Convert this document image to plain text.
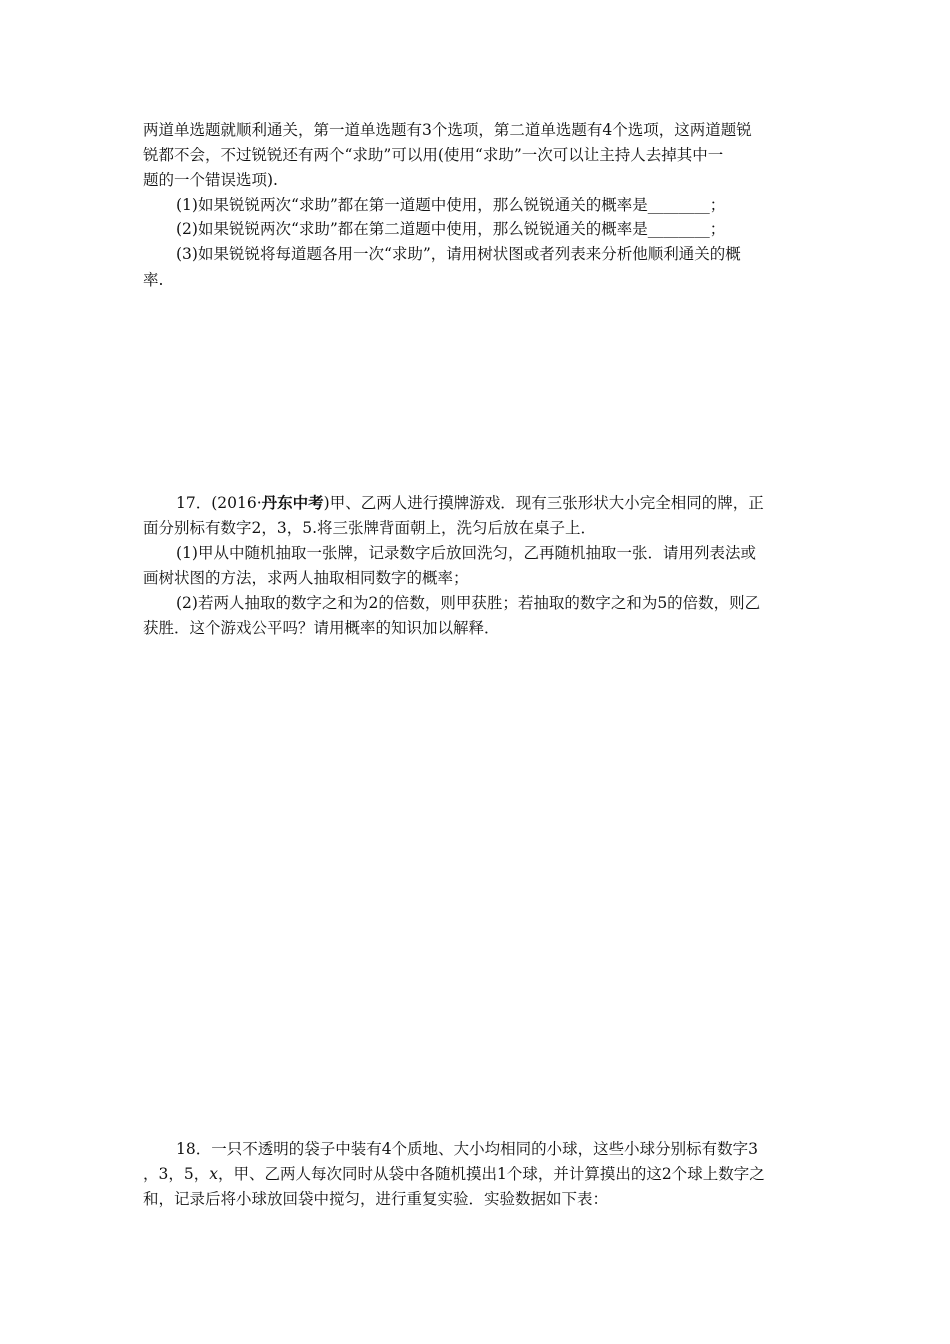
两道单选题就顺利通关，第一道单选题有3个选项，第二道单选题有4个选项，这两道题锐
锐都不会，不过锐锐还有两个“求助”可以用(使用“求助”一次可以让主持人去掉其中一
题的一个错误选项).
(1)如果锐锐两次“求助”都在第一道题中使用，那么锐锐通关的概率是________；
(2)如果锐锐两次“求助”都在第二道题中使用，那么锐锐通关的概率是________；
(3)如果锐锐将每道题各用一次“求助”，请用树状图或者列表来分析他顺利通关的概
率.
17．(2016·丹东中考)甲、乙两人进行摸牌游戏．现有三张形状大小完全相同的牌，正
面分别标有数字2，3，5.将三张牌背面朝上，洗匀后放在桌子上．
(1)甲从中随机抽取一张牌，记录数字后放回洗匀，乙再随机抽取一张．请用列表法或
画树状图的方法，求两人抽取相同数字的概率；
(2)若两人抽取的数字之和为2的倍数，则甲获胜；若抽取的数字之和为5的倍数，则乙
获胜．这个游戏公平吗？请用概率的知识加以解释．
18．一只不透明的袋子中装有4个质地、大小均相同的小球，这些小球分别标有数字3
，3，5，x，甲、乙两人每次同时从袋中各随机摸出1个球，并计算摸出的这2个球上数字之
和，记录后将小球放回袋中搅匀，进行重复实验．实验数据如下表：
